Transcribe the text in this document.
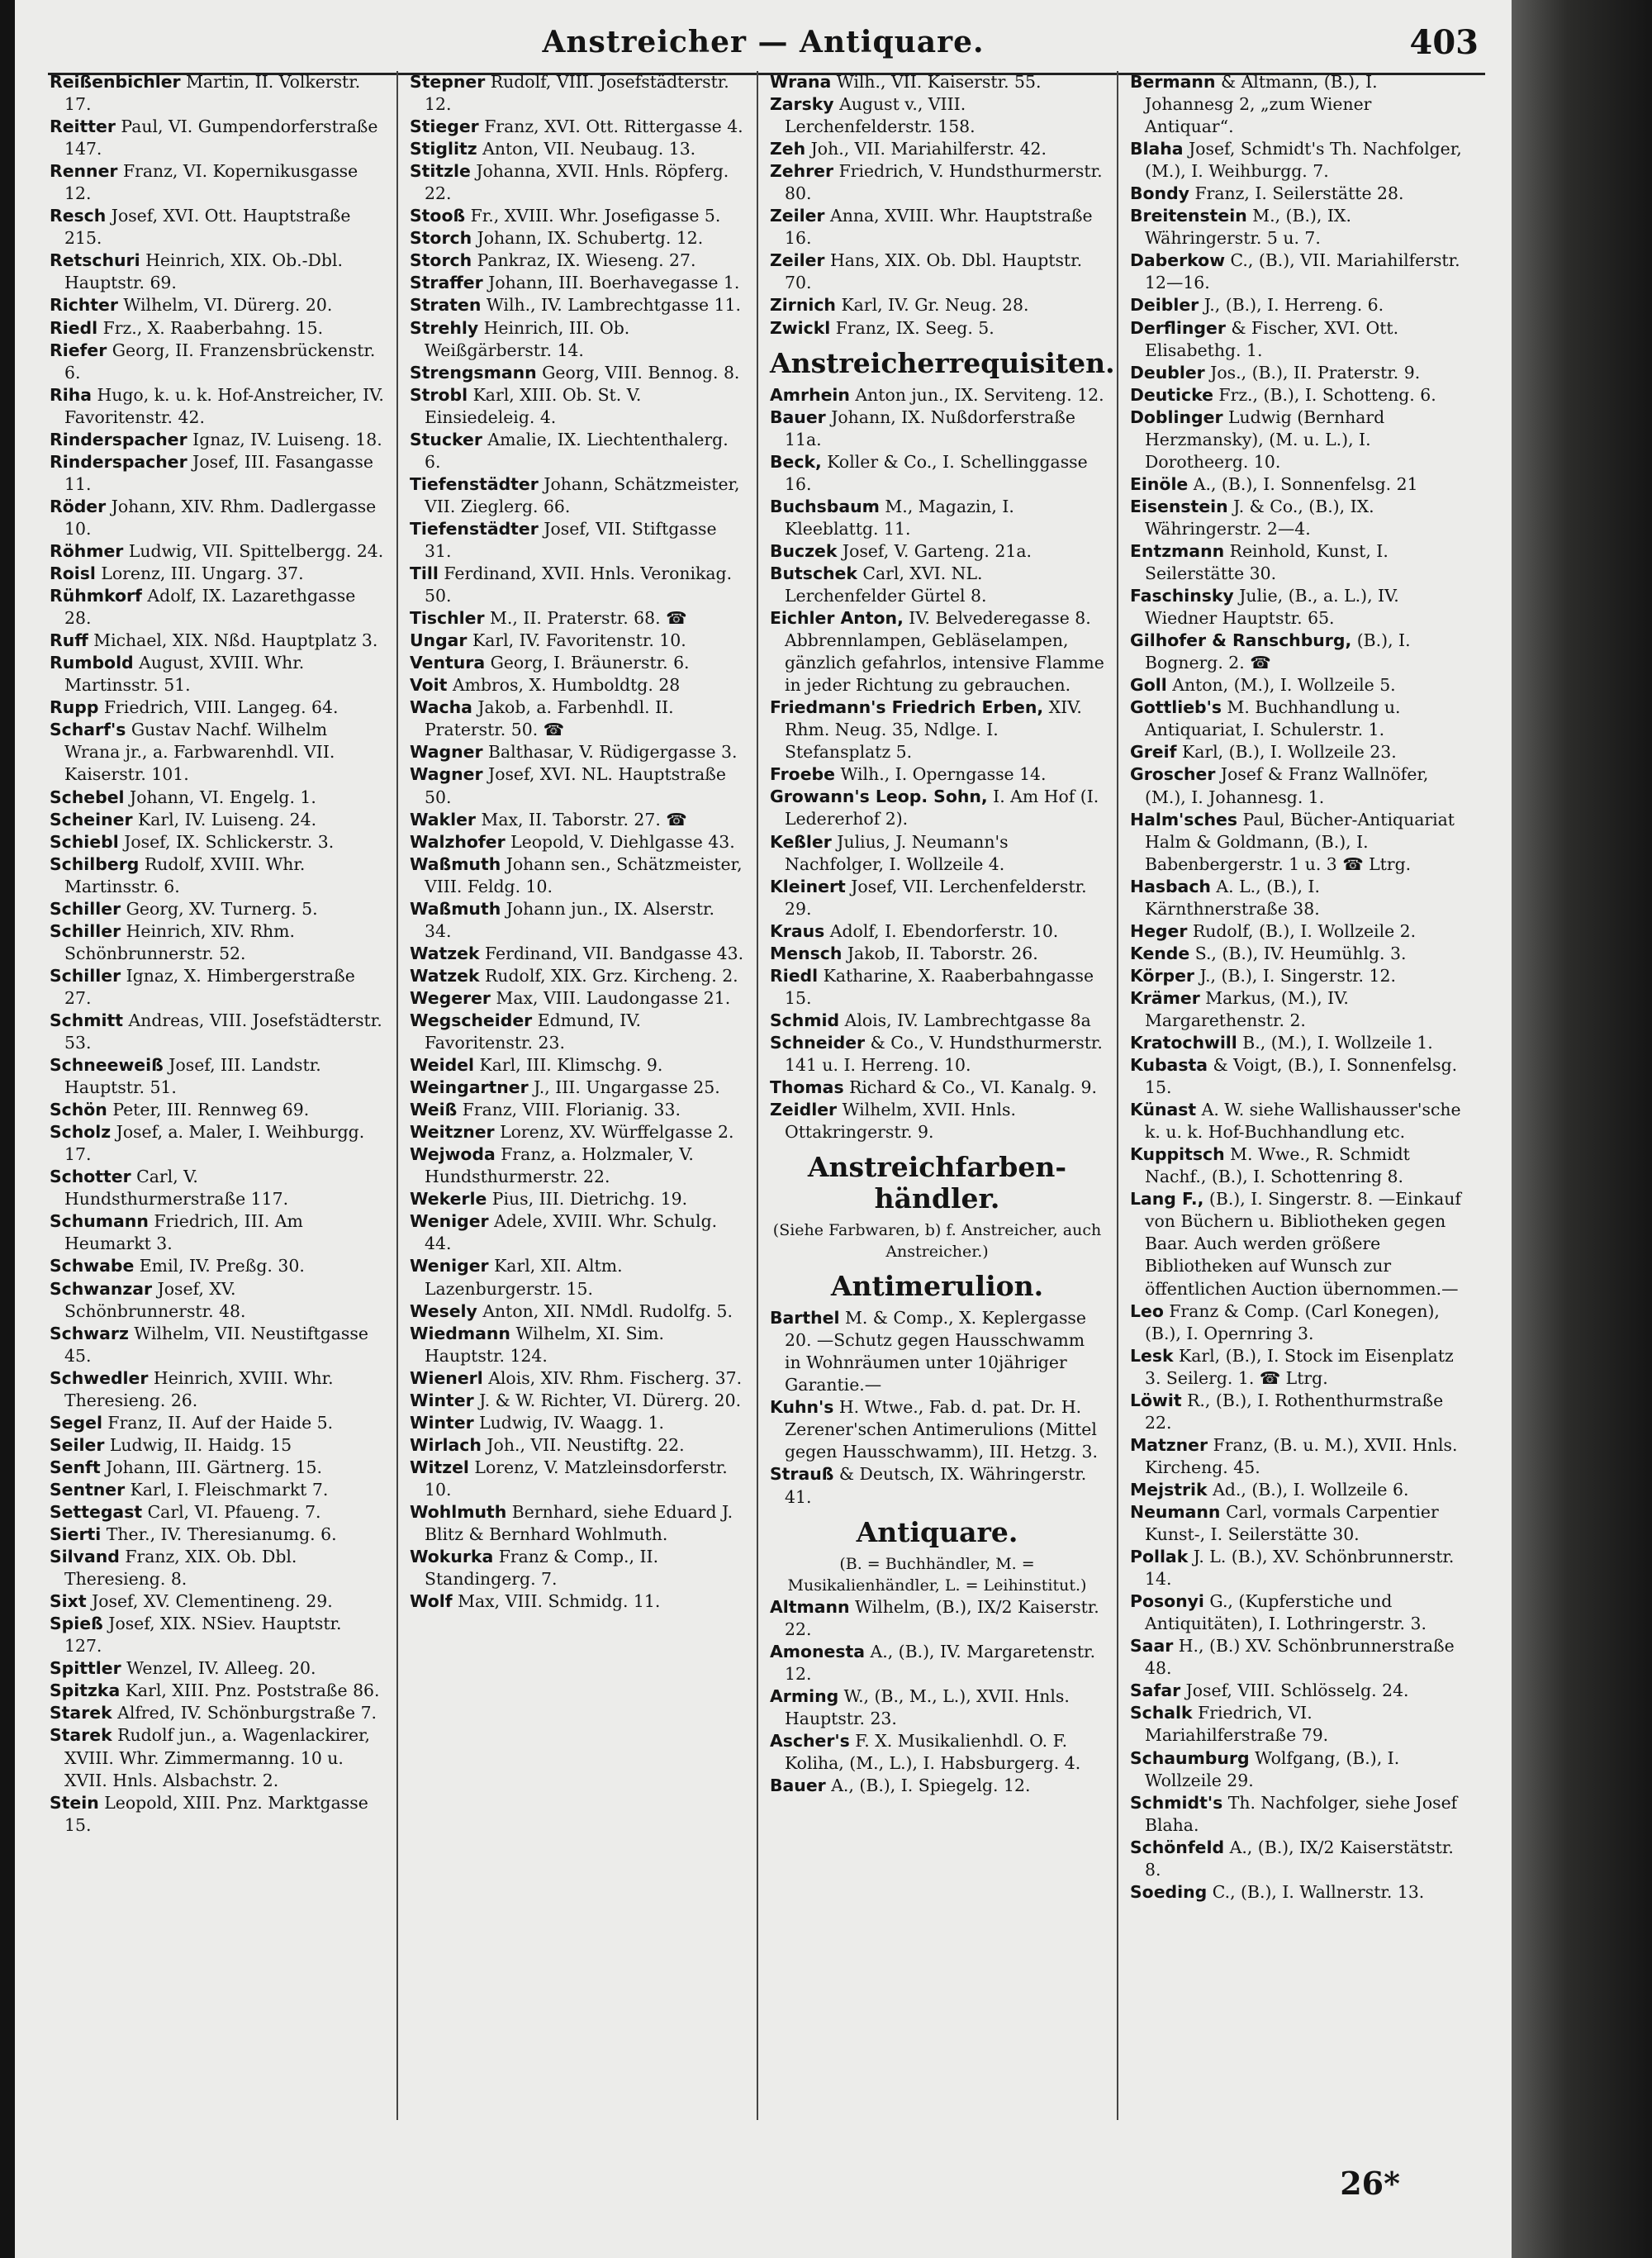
Anstreicher — Antiquare.	403
Reißenbichler Martin, II. Volkerstr. 17.
Reitter Paul, VI. Gumpendorferstraße 147.
Renner Franz, VI. Kopernikusgasse 12.
Resch Josef, XVI. Ott. Hauptstraße 215.
Retschuri Heinrich, XIX. Ob.-Dbl. Hauptstr. 69.
Richter Wilhelm, VI. Dürerg. 20.
Riedl Frz., X. Raaberbahng. 15.
Riefer Georg, II. Franzensbrückenstr. 6.
Riha Hugo, k. u. k. Hof-Anstreicher, IV. Favoritenstr. 42.
Rinderspacher Ignaz, IV. Luiseng. 18.
Rinderspacher Josef, III. Fasangasse 11.
Röder Johann, XIV. Rhm. Dadlergasse 10.
Röhmer Ludwig, VII. Spittelbergg. 24.
Roisl Lorenz, III. Ungarg. 37.
Rühmkorf Adolf, IX. Lazarethgasse 28.
Ruff Michael, XIX. Nßd. Hauptplatz 3.
Rumbold August, XVIII. Whr. Martinsstr. 51.
Rupp Friedrich, VIII. Langeg. 64.
Scharf's Gustav Nachf. Wilhelm Wrana jr., a. Farbwarenhdl. VII. Kaiserstr. 101.
Schebel Johann, VI. Engelg. 1.
Scheiner Karl, IV. Luiseng. 24.
Schiebl Josef, IX. Schlickerstr. 3.
Schilberg Rudolf, XVIII. Whr. Martinsstr. 6.
Schiller Georg, XV. Turnerg. 5.
Schiller Heinrich, XIV. Rhm. Schönbrunnerstr. 52.
Schiller Ignaz, X. Himbergerstraße 27.
Schmitt Andreas, VIII. Josefstädterstr. 53.
Schneeweiß Josef, III. Landstr. Hauptstr. 51.
Schön Peter, III. Rennweg 69.
Scholz Josef, a. Maler, I. Weihburgg. 17.
Schotter Carl, V. Hundsthurmerstraße 117.
Schumann Friedrich, III. Am Heumarkt 3.
Schwabe Emil, IV. Preßg. 30.
Schwanzar Josef, XV. Schönbrunnerstr. 48.
Schwarz Wilhelm, VII. Neustiftgasse 45.
Schwedler Heinrich, XVIII. Whr. Theresieng. 26.
Segel Franz, II. Auf der Haide 5.
Seiler Ludwig, II. Haidg. 15
Senft Johann, III. Gärtnerg. 15.
Sentner Karl, I. Fleischmarkt 7.
Settegast Carl, VI. Pfaueng. 7.
Sierti Ther., IV. Theresianumg. 6.
Silvand Franz, XIX. Ob. Dbl. Theresieng. 8.
Sixt Josef, XV. Clementineng. 29.
Spieß Josef, XIX. NSiev. Hauptstr. 127.
Spittler Wenzel, IV. Alleeg. 20.
Spitzka Karl, XIII. Pnz. Poststraße 86.
Starek Alfred, IV. Schönburgstraße 7.
Starek Rudolf jun., a. Wagenlackirer, XVIII. Whr. Zimmermanng. 10 u. XVII. Hnls. Alsbachstr. 2.
Stein Leopold, XIII. Pnz. Marktgasse 15.
Stepner Rudolf, VIII. Josefstädterstr. 12.
Stieger Franz, XVI. Ott. Rittergasse 4.
Stiglitz Anton, VII. Neubaug. 13.
Stitzle Johanna, XVII. Hnls. Röpferg. 22.
Stooß Fr., XVIII. Whr. Josefigasse 5.
Storch Johann, IX. Schubertg. 12.
Storch Pankraz, IX. Wieseng. 27.
Straffer Johann, III. Boerhavegasse 1.
Straten Wilh., IV. Lambrechtgasse 11.
Strehly Heinrich, III. Ob. Weißgärberstr. 14.
Strengsmann Georg, VIII. Bennog. 8.
Strobl Karl, XIII. Ob. St. V. Einsiedeleig. 4.
Stucker Amalie, IX. Liechtenthalerg. 6.
Tiefenstädter Johann, Schätzmeister, VII. Zieglerg. 66.
Tiefenstädter Josef, VII. Stiftgasse 31.
Till Ferdinand, XVII. Hnls. Veronikag. 50.
Tischler M., II. Praterstr. 68. ☎
Ungar Karl, IV. Favoritenstr. 10.
Ventura Georg, I. Bräunerstr. 6.
Voit Ambros, X. Humboldtg. 28
Wacha Jakob, a. Farbenhdl. II. Praterstr. 50. ☎
Wagner Balthasar, V. Rüdigergasse 3.
Wagner Josef, XVI. NL. Hauptstraße 50.
Wakler Max, II. Taborstr. 27. ☎
Walzhofer Leopold, V. Diehlgasse 43.
Waßmuth Johann sen., Schätzmeister, VIII. Feldg. 10.
Waßmuth Johann jun., IX. Alserstr. 34.
Watzek Ferdinand, VII. Bandgasse 43.
Watzek Rudolf, XIX. Grz. Kircheng. 2.
Wegerer Max, VIII. Laudongasse 21.
Wegscheider Edmund, IV. Favoritenstr. 23.
Weidel Karl, III. Klimschg. 9.
Weingartner J., III. Ungargasse 25.
Weiß Franz, VIII. Florianig. 33.
Weitzner Lorenz, XV. Würffelgasse 2.
Wejwoda Franz, a. Holzmaler, V. Hundsthurmerstr. 22.
Wekerle Pius, III. Dietrichg. 19.
Weniger Adele, XVIII. Whr. Schulg. 44.
Weniger Karl, XII. Altm. Lazenburgerstr. 15.
Wesely Anton, XII. NMdl. Rudolfg. 5.
Wiedmann Wilhelm, XI. Sim. Hauptstr. 124.
Wienerl Alois, XIV. Rhm. Fischerg. 37.
Winter J. & W. Richter, VI. Dürerg. 20.
Winter Ludwig, IV. Waagg. 1.
Wirlach Joh., VII. Neustiftg. 22.
Witzel Lorenz, V. Matzleinsdorferstr. 10.
Wohlmuth Bernhard, siehe Eduard J. Blitz & Bernhard Wohlmuth.
Wokurka Franz & Comp., II. Standingerg. 7.
Wolf Max, VIII. Schmidg. 11.
Wrana Wilh., VII. Kaiserstr. 55.
Zarsky August v., VIII. Lerchenfelderstr. 158.
Zeh Joh., VII. Mariahilferstr. 42.
Zehrer Friedrich, V. Hundsthurmerstr. 80.
Zeiler Anna, XVIII. Whr. Hauptstraße 16.
Zeiler Hans, XIX. Ob. Dbl. Hauptstr. 70.
Zirnich Karl, IV. Gr. Neug. 28.
Zwickl Franz, IX. Seeg. 5.
Anstreicherrequisiten.
Amrhein Anton jun., IX. Serviteng. 12.
Bauer Johann, IX. Nußdorferstraße 11a.
Beck, Koller & Co., I. Schellinggasse 16.
Buchsbaum M., Magazin, I. Kleeblattg. 11.
Buczek Josef, V. Garteng. 21a.
Butschek Carl, XVI. NL. Lerchenfelder Gürtel 8.
Eichler Anton, IV. Belvederegasse 8. Abbrennlampen, Gebläselampen, gänzlich gefahrlos, intensive Flamme in jeder Richtung zu gebrauchen.
Friedmann's Friedrich Erben, XIV. Rhm. Neug. 35, Ndlge. I. Stefansplatz 5.
Froebe Wilh., I. Operngasse 14.
Growann's Leop. Sohn, I. Am Hof (I. Ledererhof 2).
Keßler Julius, J. Neumann's Nachfolger, I. Wollzeile 4.
Kleinert Josef, VII. Lerchenfelderstr. 29.
Kraus Adolf, I. Ebendorferstr. 10.
Mensch Jakob, II. Taborstr. 26.
Riedl Katharine, X. Raaberbahngasse 15.
Schmid Alois, IV. Lambrechtgasse 8a
Schneider & Co., V. Hundsthurmerstr. 141 u. I. Herreng. 10.
Thomas Richard & Co., VI. Kanalg. 9.
Zeidler Wilhelm, XVII. Hnls. Ottakringerstr. 9.
Anstreichfarben-händler.
(Siehe Farbwaren, b) f. Anstreicher, auch Anstreicher.)
Antimerulion.
Barthel M. & Comp., X. Keplergasse 20. —Schutz gegen Hausschwamm in Wohnräumen unter 10jähriger Garantie.—
Kuhn's H. Wtwe., Fab. d. pat. Dr. H. Zerener'schen Antimerulions (Mittel gegen Hausschwamm), III. Hetzg. 3.
Strauß & Deutsch, IX. Währingerstr. 41.
Antiquare.
(B. = Buchhändler, M. = Musikalienhändler, L. = Leihinstitut.)
Altmann Wilhelm, (B.), IX/2 Kaiserstr. 22.
Amonesta A., (B.), IV. Margaretenstr. 12.
Arming W., (B., M., L.), XVII. Hnls. Hauptstr. 23.
Ascher's F. X. Musikalienhdl. O. F. Koliha, (M., L.), I. Habsburgerg. 4.
Bauer A., (B.), I. Spiegelg. 12.
Bermann & Altmann, (B.), I. Johannesg 2, „zum Wiener Antiquar“.
Blaha Josef, Schmidt's Th. Nachfolger, (M.), I. Weihburgg. 7.
Bondy Franz, I. Seilerstätte 28.
Breitenstein M., (B.), IX. Währingerstr. 5 u. 7.
Daberkow C., (B.), VII. Mariahilferstr. 12—16.
Deibler J., (B.), I. Herreng. 6.
Derflinger & Fischer, XVI. Ott. Elisabethg. 1.
Deubler Jos., (B.), II. Praterstr. 9.
Deuticke Frz., (B.), I. Schotteng. 6.
Doblinger Ludwig (Bernhard Herzmansky), (M. u. L.), I. Dorotheerg. 10.
Einöle A., (B.), I. Sonnenfelsg. 21
Eisenstein J. & Co., (B.), IX. Währingerstr. 2—4.
Entzmann Reinhold, Kunst, I. Seilerstätte 30.
Faschinsky Julie, (B., a. L.), IV. Wiedner Hauptstr. 65.
Gilhofer & Ranschburg, (B.), I. Bognerg. 2. ☎
Goll Anton, (M.), I. Wollzeile 5.
Gottlieb's M. Buchhandlung u. Antiquariat, I. Schulerstr. 1.
Greif Karl, (B.), I. Wollzeile 23.
Groscher Josef & Franz Wallnöfer, (M.), I. Johannesg. 1.
Halm'sches Paul, Bücher-Antiquariat Halm & Goldmann, (B.), I. Babenbergerstr. 1 u. 3 ☎ Ltrg.
Hasbach A. L., (B.), I. Kärnthnerstraße 38.
Heger Rudolf, (B.), I. Wollzeile 2.
Kende S., (B.), IV. Heumühlg. 3.
Körper J., (B.), I. Singerstr. 12.
Krämer Markus, (M.), IV. Margarethenstr. 2.
Kratochwill B., (M.), I. Wollzeile 1.
Kubasta & Voigt, (B.), I. Sonnenfelsg. 15.
Künast A. W. siehe Wallishausser'sche k. u. k. Hof-Buchhandlung etc.
Kuppitsch M. Wwe., R. Schmidt Nachf., (B.), I. Schottenring 8.
Lang F., (B.), I. Singerstr. 8. —Einkauf von Büchern u. Bibliotheken gegen Baar. Auch werden größere Bibliotheken auf Wunsch zur öffentlichen Auction übernommen.—
Leo Franz & Comp. (Carl Konegen), (B.), I. Opernring 3.
Lesk Karl, (B.), I. Stock im Eisenplatz 3. Seilerg. 1. ☎ Ltrg.
Löwit R., (B.), I. Rothenthurmstraße 22.
Matzner Franz, (B. u. M.), XVII. Hnls. Kircheng. 45.
Mejstrik Ad., (B.), I. Wollzeile 6.
Neumann Carl, vormals Carpentier Kunst-, I. Seilerstätte 30.
Pollak J. L. (B.), XV. Schönbrunnerstr. 14.
Posonyi G., (Kupferstiche und Antiquitäten), I. Lothringerstr. 3.
Saar H., (B.) XV. Schönbrunnerstraße 48.
Safar Josef, VIII. Schlösselg. 24.
Schalk Friedrich, VI. Mariahilferstraße 79.
Schaumburg Wolfgang, (B.), I. Wollzeile 29.
Schmidt's Th. Nachfolger, siehe Josef Blaha.
Schönfeld A., (B.), IX/2 Kaiserstätstr. 8.
Soeding C., (B.), I. Wallnerstr. 13.
26*
